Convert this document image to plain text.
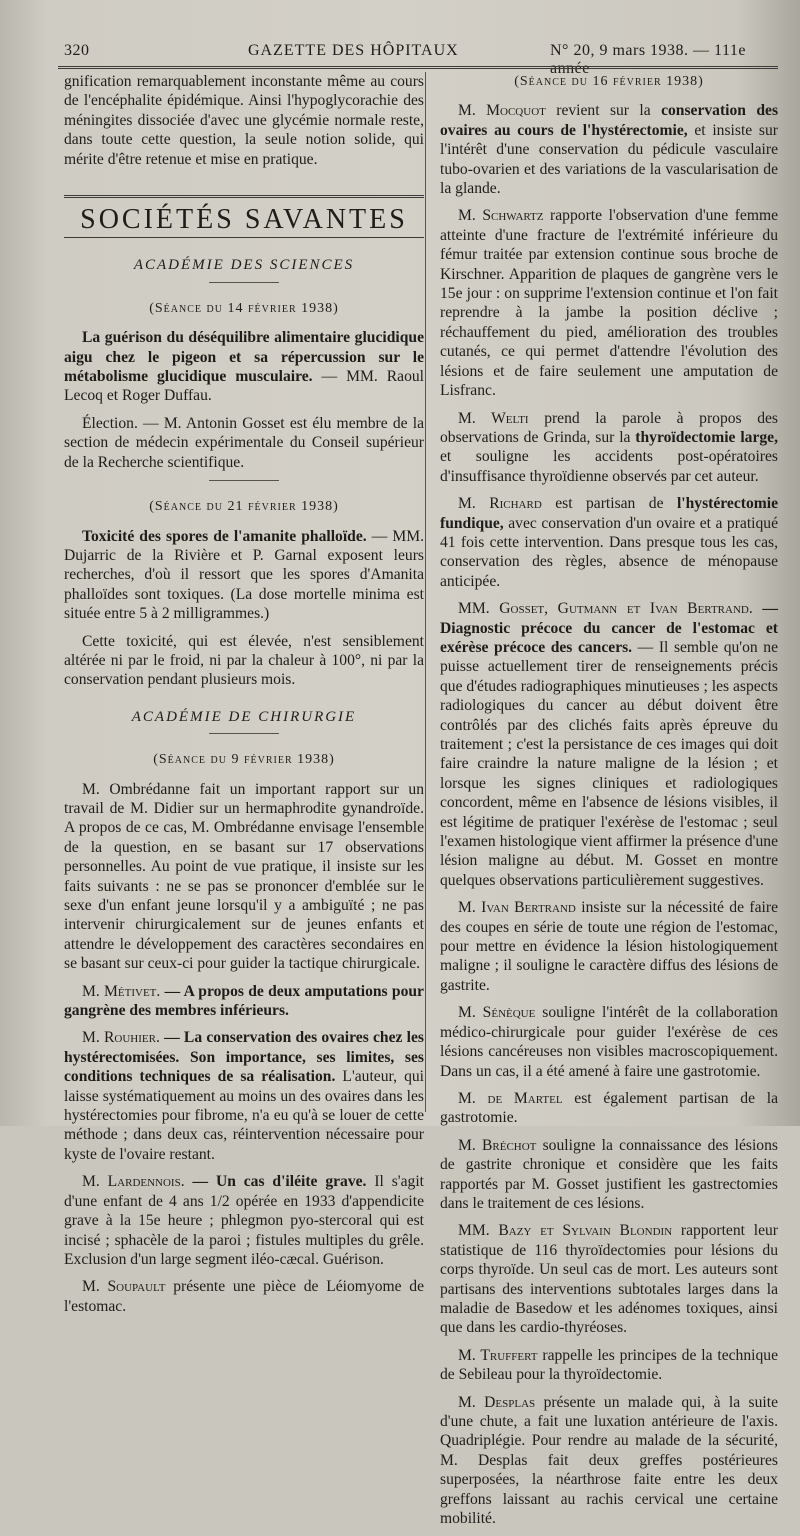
320	GAZETTE DES HÔPITAUX	N° 20, 9 mars 1938. — 111e année

gnification remarquablement inconstante même au cours de l'encéphalite épidémique. Ainsi l'hypoglycorachie des méningites dissociée d'avec une glycémie normale reste, dans toute cette question, la seule notion solide, qui mérite d'être retenue et mise en pratique.

SOCIÉTÉS SAVANTES
ACADÉMIE DES SCIENCES
(Séance du 14 février 1938)

La guérison du déséquilibre alimentaire glucidique aigu chez le pigeon et sa répercussion sur le métabolisme glucidique musculaire. — MM. Raoul Lecoq et Roger Duffau.

Élection. — M. Antonin Gosset est élu membre de la section de médecin expérimentale du Conseil supérieur de la Recherche scientifique.

(Séance du 21 février 1938)

Toxicité des spores de l'amanite phalloïde. — MM. Dujarric de la Rivière et P. Garnal exposent leurs recherches, d'où il ressort que les spores d'Amanita phalloïdes sont toxiques. (La dose mortelle minima est située entre 5 à 2 milligrammes.)

Cette toxicité, qui est élevée, n'est sensiblement altérée ni par le froid, ni par la chaleur à 100°, ni par la conservation pendant plusieurs mois.

ACADÉMIE DE CHIRURGIE
(Séance du 9 février 1938)

M. Ombrédanne fait un important rapport sur un travail de M. Didier sur un hermaphrodite gynandroïde. A propos de ce cas, M. Ombrédanne envisage l'ensemble de la question, en se basant sur 17 observations personnelles. Au point de vue pratique, il insiste sur les faits suivants : ne se pas se prononcer d'emblée sur le sexe d'un enfant jeune lorsqu'il y a ambiguïté ; ne pas intervenir chirurgicalement sur de jeunes enfants et attendre le développement des caractères secondaires en se basant sur ceux-ci pour guider la tactique chirurgicale.

M. Métivet. — A propos de deux amputations pour gangrène des membres inférieurs.

M. Rouhier. — La conservation des ovaires chez les hystérectomisées. Son importance, ses limites, ses conditions techniques de sa réalisation. L'auteur, qui laisse systématiquement au moins un des ovaires dans les hystérectomies pour fibrome, n'a eu qu'à se louer de cette méthode ; dans deux cas, réintervention nécessaire pour kyste de l'ovaire restant.

M. Lardennois. — Un cas d'iléite grave. Il s'agit d'une enfant de 4 ans 1/2 opérée en 1933 d'appendicite grave à la 15e heure ; phlegmon pyo-stercoral qui est incisé ; sphacèle de la paroi ; fistules multiples du grêle. Exclusion d'un large segment iléo-cæcal. Guérison.

M. Soupault présente une pièce de Léiomyome de l'estomac.

(Séance du 16 février 1938)

M. Mocquot revient sur la conservation des ovaires au cours de l'hystérectomie, et insiste sur l'intérêt d'une conservation du pédicule vasculaire tubo-ovarien et des variations de la vascularisation de la glande.

M. Schwartz rapporte l'observation d'une femme atteinte d'une fracture de l'extrémité inférieure du fémur traitée par extension continue sous broche de Kirschner. Apparition de plaques de gangrène vers le 15e jour : on supprime l'extension continue et l'on fait reprendre à la jambe la position déclive ; réchauffement du pied, amélioration des troubles cutanés, ce qui permet d'attendre l'évolution des lésions et de faire seulement une amputation de Lisfranc.

M. Welti prend la parole à propos des observations de Grinda, sur la thyroïdectomie large, et souligne les accidents post-opératoires d'insuffisance thyroïdienne observés par cet auteur.

M. Richard est partisan de l'hystérectomie fundique, avec conservation d'un ovaire et a pratiqué 41 fois cette intervention. Dans presque tous les cas, conservation des règles, absence de ménopause anticipée.

MM. Gosset, Gutmann et Ivan Bertrand. — Diagnostic précoce du cancer de l'estomac et exérèse précoce des cancers. — Il semble qu'on ne puisse actuellement tirer de renseignements précis que d'études radiographiques minutieuses ; les aspects radiologiques du cancer au début doivent être contrôlés par des clichés faits après épreuve du traitement ; c'est la persistance de ces images qui doit faire craindre la nature maligne de la lésion ; et lorsque les signes cliniques et radiologiques concordent, même en l'absence de lésions visibles, il est légitime de pratiquer l'exérèse de l'estomac ; seul l'examen histologique vient affirmer la présence d'une lésion maligne au début. M. Gosset en montre quelques observations particulièrement suggestives.

M. Ivan Bertrand insiste sur la nécessité de faire des coupes en série de toute une région de l'estomac, pour mettre en évidence la lésion histologiquement maligne ; il souligne le caractère diffus des lésions de gastrite.

M. Sénèque souligne l'intérêt de la collaboration médico-chirurgicale pour guider l'exérèse de ces lésions cancéreuses non visibles macroscopiquement. Dans un cas, il a été amené à faire une gastrotomie.

M. de Martel est également partisan de la gastrotomie.

M. Bréchot souligne la connaissance des lésions de gastrite chronique et considère que les faits rapportés par M. Gosset justifient les gastrectomies dans le traitement de ces lésions.

MM. Bazy et Sylvain Blondin rapportent leur statistique de 116 thyroïdectomies pour lésions du corps thyroïde. Un seul cas de mort. Les auteurs sont partisans des interventions subtotales larges dans la maladie de Basedow et les adénomes toxiques, ainsi que dans les cardio-thyréoses.

M. Truffert rappelle les principes de la technique de Sebileau pour la thyroïdectomie.

M. Desplas présente un malade qui, à la suite d'une chute, a fait une luxation antérieure de l'axis. Quadriplégie. Pour rendre au malade de la sécurité, M. Desplas fait deux greffes postérieures superposées, la néarthrose faite entre les deux greffons laissant au rachis cervical une certaine mobilité.
